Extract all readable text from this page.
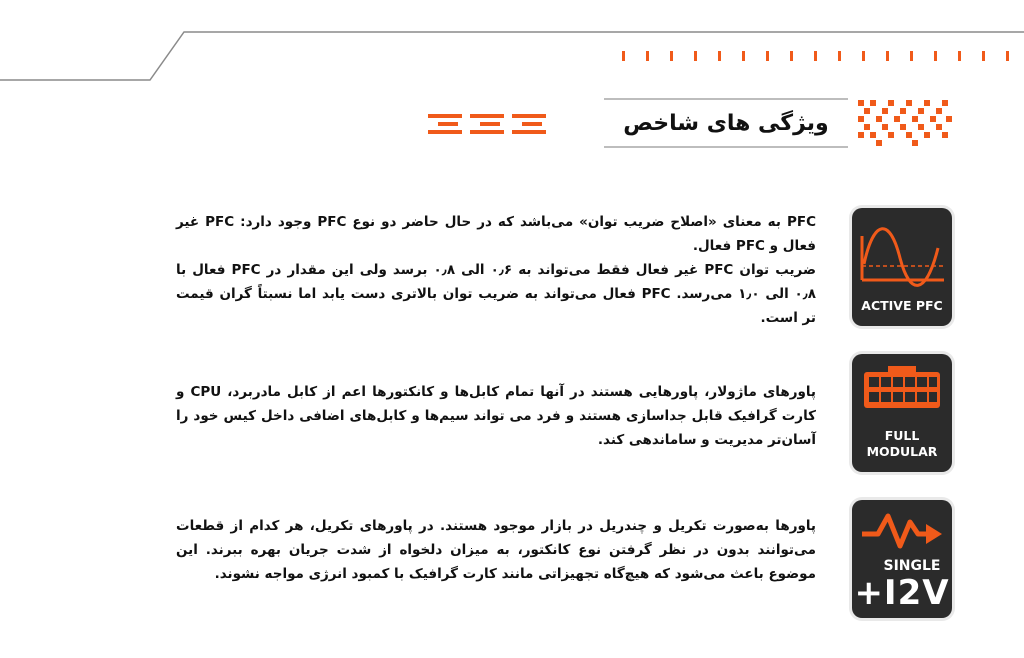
ویژگی های شاخص

PFC به معنای «اصلاح ضریب توان» می‌باشد که در حال حاضر دو نوع PFC وجود دارد: PFC غیر فعال و PFC فعال.

ضریب توان PFC غیر فعال فقط می‌تواند به ۰٫۶ الی ۰٫۸ برسد ولی این مقدار در PFC فعال با ۰٫۸ الی ۱٫۰ می‌رسد. PFC فعال می‌تواند به ضریب توان بالاتری دست یابد اما نسبتاً گران قیمت تر است.

ACTIVE PFC

پاورهای ماژولار، پاورهایی هستند در آنها تمام کابل‌ها و کانکتورها اعم از کابل مادربرد، CPU و کارت گرافیک قابل جداسازی هستند و فرد می تواند سیم‌ها و کابل‌های اضافی داخل کیس خود را آسان‌تر مدیریت و ساماندهی کند.	FULL
MODULAR

پاورها به‌صورت تکریل و چندریل در بازار موجود هستند. در پاورهای تکریل، هر کدام از قطعات می‌توانند بدون در نظر گرفتن نوع کانکتور، به میزان دلخواه از شدت جریان بهره ببرند. این موضوع باعث می‌شود که هیچ‌گاه تجهیزاتی مانند کارت گرافیک با کمبود انرژی مواجه نشوند.	SINGLE
+I2V
